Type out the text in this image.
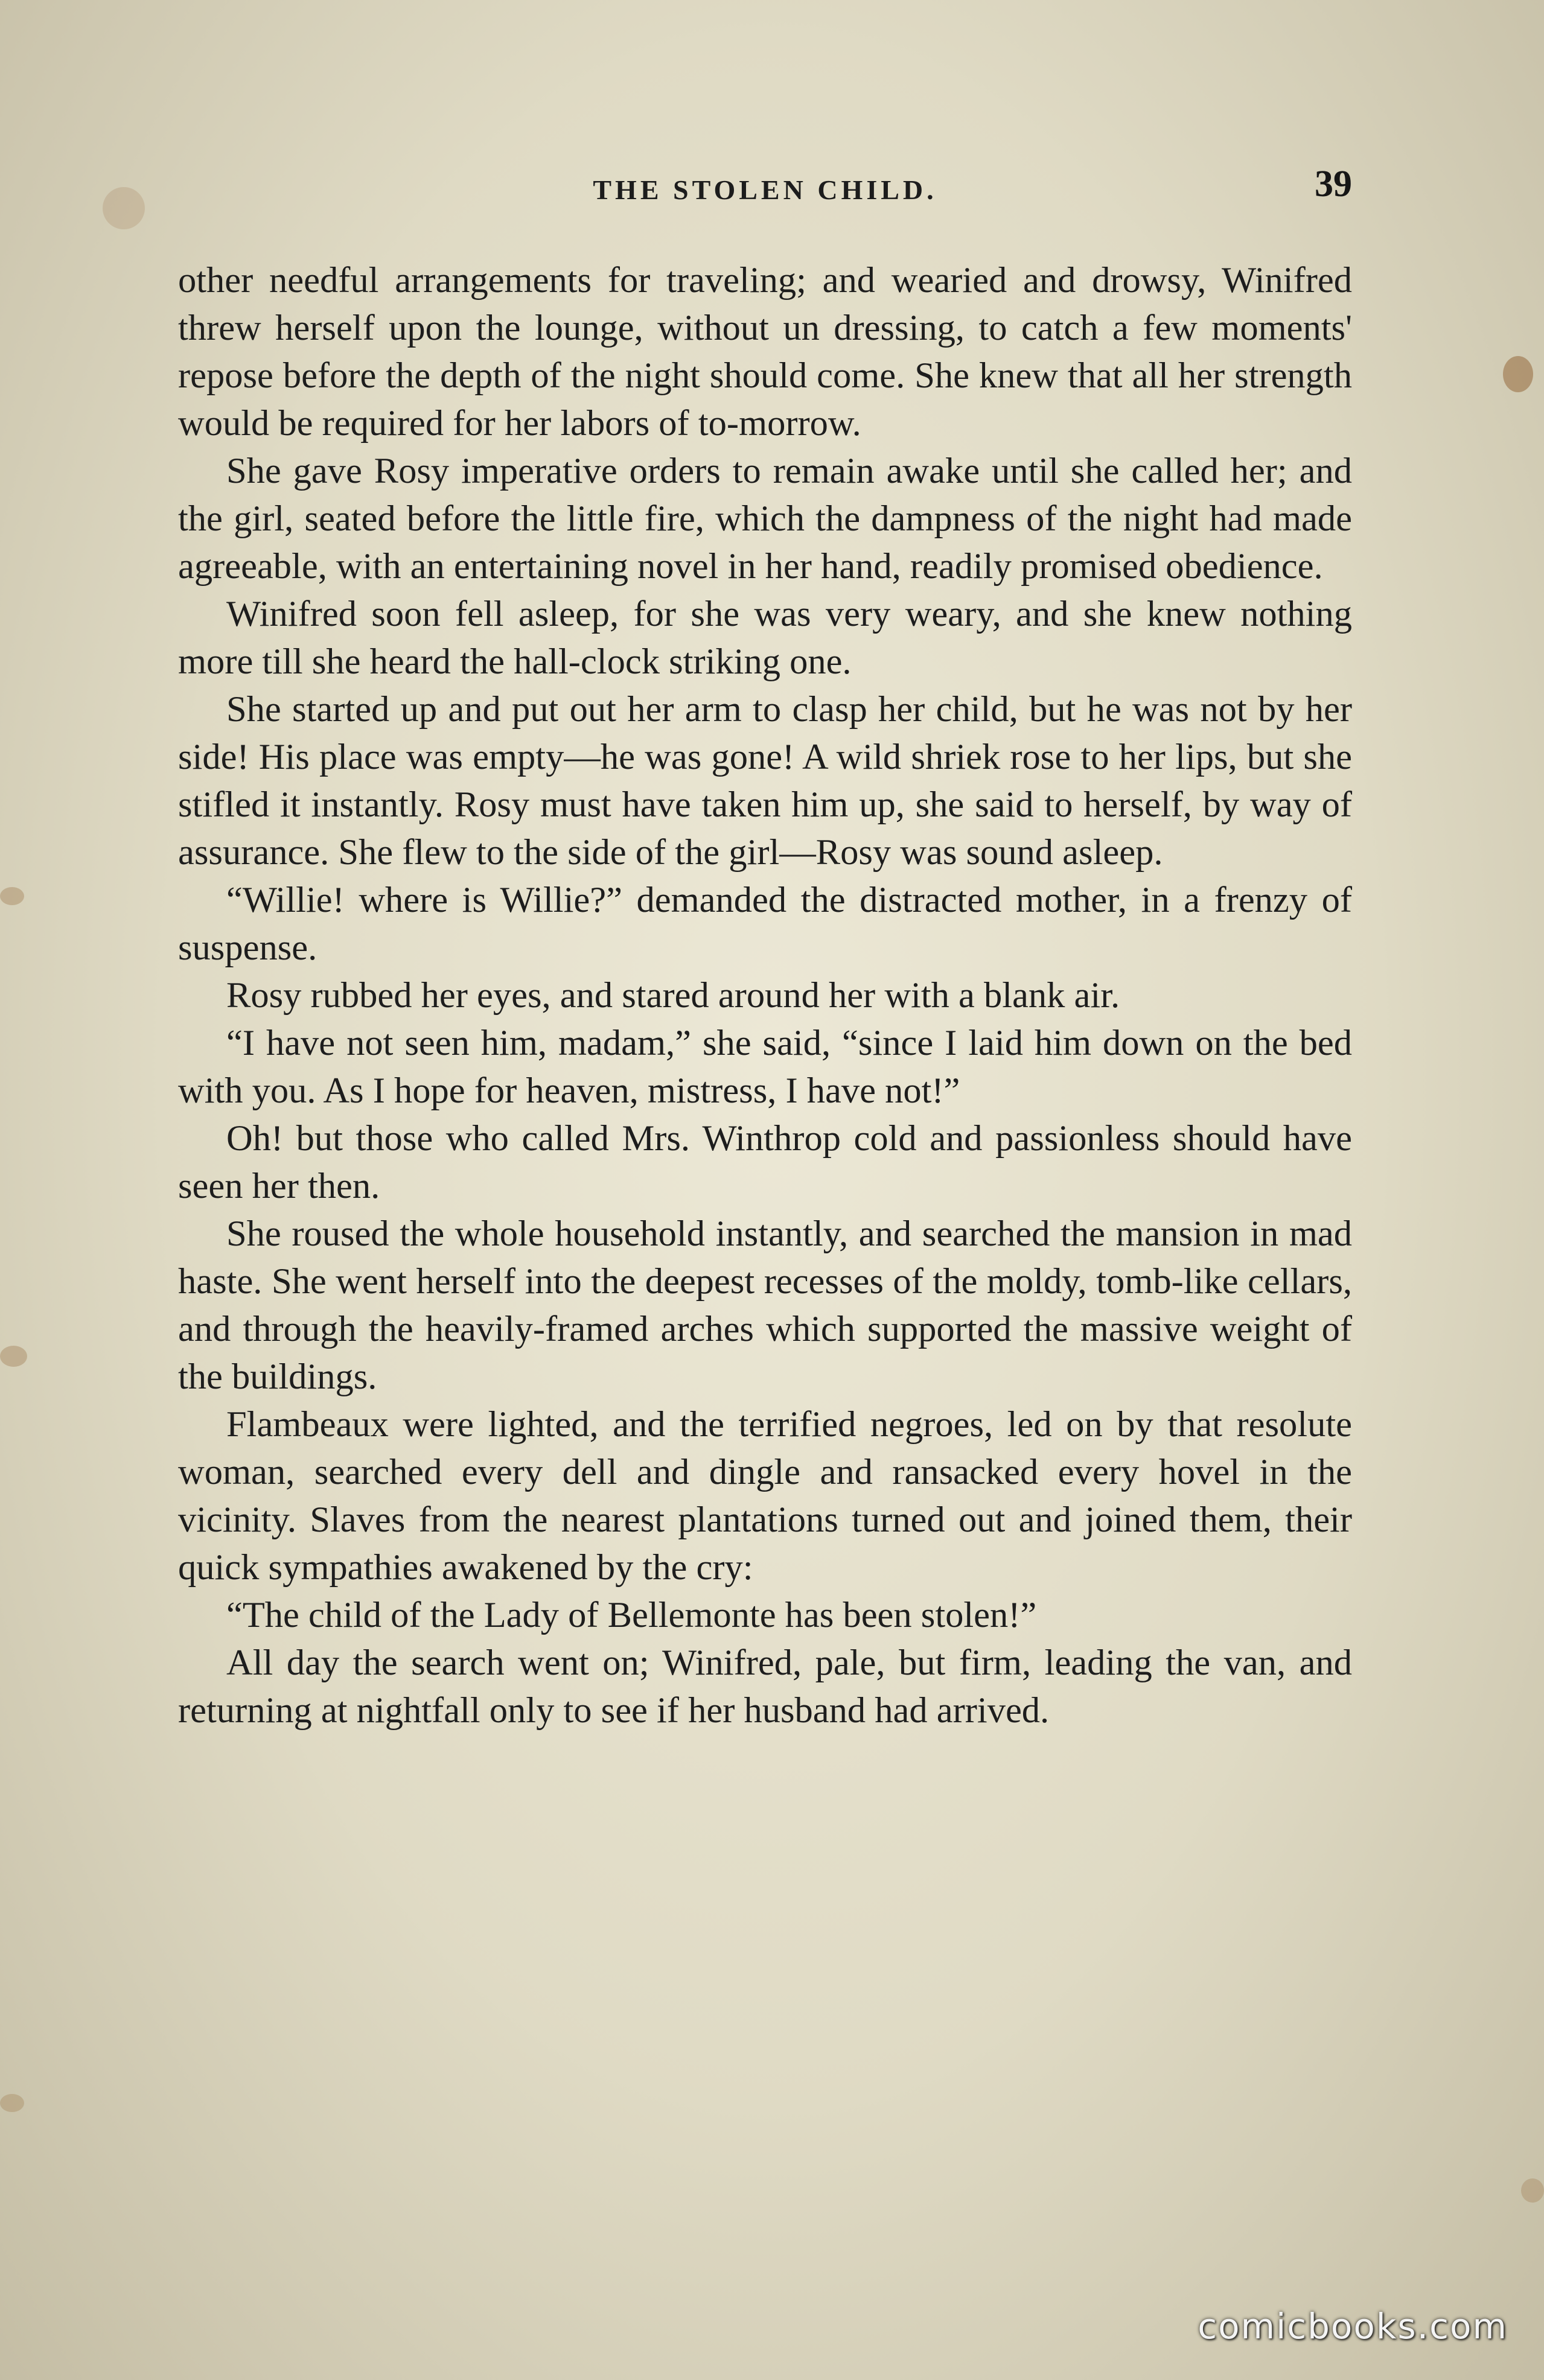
THE STOLEN CHILD.	39

other needful arrangements for traveling; and wearied and drowsy, Winifred threw herself upon the lounge, without un dressing, to catch a few moments' repose before the depth of the night should come. She knew that all her strength would be required for her labors of to-morrow.

She gave Rosy imperative orders to remain awake until she called her; and the girl, seated before the little fire, which the dampness of the night had made agreeable, with an entertaining novel in her hand, readily promised obedience.

Winifred soon fell asleep, for she was very weary, and she knew nothing more till she heard the hall-clock striking one.

She started up and put out her arm to clasp her child, but he was not by her side! His place was empty—he was gone! A wild shriek rose to her lips, but she stifled it instantly. Rosy must have taken him up, she said to herself, by way of assurance. She flew to the side of the girl—Rosy was sound asleep.

“Willie! where is Willie?” demanded the distracted mother, in a frenzy of suspense.

Rosy rubbed her eyes, and stared around her with a blank air.

“I have not seen him, madam,” she said, “since I laid him down on the bed with you. As I hope for heaven, mistress, I have not!”

Oh! but those who called Mrs. Winthrop cold and passionless should have seen her then.

She roused the whole household instantly, and searched the mansion in mad haste. She went herself into the deepest recesses of the moldy, tomb-like cellars, and through the heavily-framed arches which supported the massive weight of the buildings.

Flambeaux were lighted, and the terrified negroes, led on by that resolute woman, searched every dell and dingle and ransacked every hovel in the vicinity. Slaves from the nearest plantations turned out and joined them, their quick sympathies awakened by the cry:

“The child of the Lady of Bellemonte has been stolen!”

All day the search went on; Winifred, pale, but firm, leading the van, and returning at nightfall only to see if her husband had arrived.

comicbooks.com
